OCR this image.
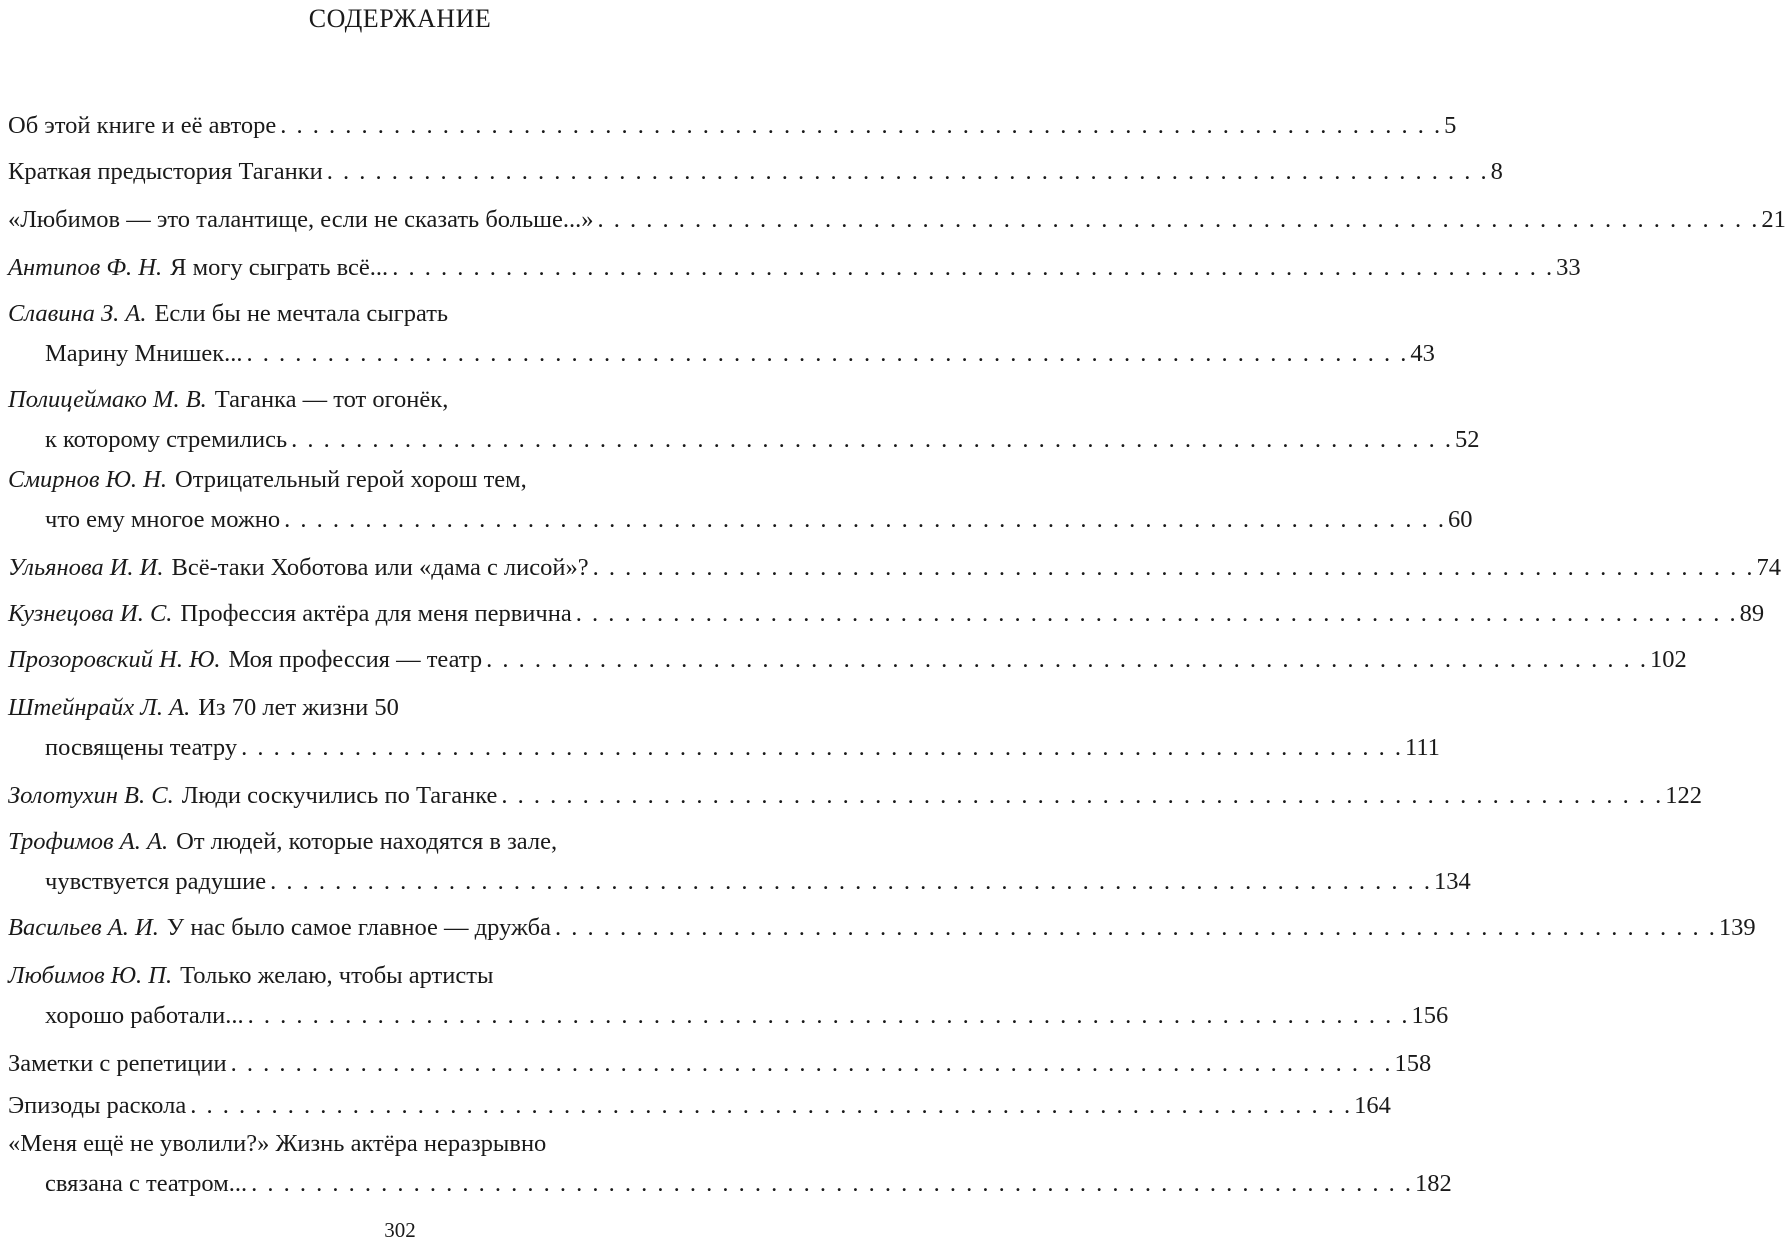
СОДЕРЖАНИЕ
Об этой книге и её авторе . . .	5
Краткая предыстория Таганки . . .	8
«Любимов — это талантище, если не сказать больше...» . . .	21
Антипов Ф. Н. Я могу сыграть всё... . . .	33
Славина З. А. Если бы не мечтала сыграть
Марину Мнишек... . . .	43
Полицеймако М. В. Таганка — тот огонёк,
к которому стремились . . .	52
Смирнов Ю. Н. Отрицательный герой хорош тем,
что ему многое можно . . .	60
Ульянова И. И. Всё-таки Хоботова или «дама с лисой»? . . .	74
Кузнецова И. С. Профессия актёра для меня первична . . .	89
Прозоровский Н. Ю. Моя профессия — театр . . .	102
Штейнрайх Л. А. Из 70 лет жизни 50
посвящены театру . . .	111
Золотухин В. С. Люди соскучились по Таганке . . .	122
Трофимов А. А. От людей, которые находятся в зале,
чувствуется радушие . . .	134
Васильев А. И. У нас было самое главное — дружба . . .	139
Любимов Ю. П. Только желаю, чтобы артисты
хорошо работали... . . .	156
Заметки с репетиции . . .	158
Эпизоды раскола . . .	164
«Меня ещё не уволили?» Жизнь актёра неразрывно
связана с театром... . . .	182
302
